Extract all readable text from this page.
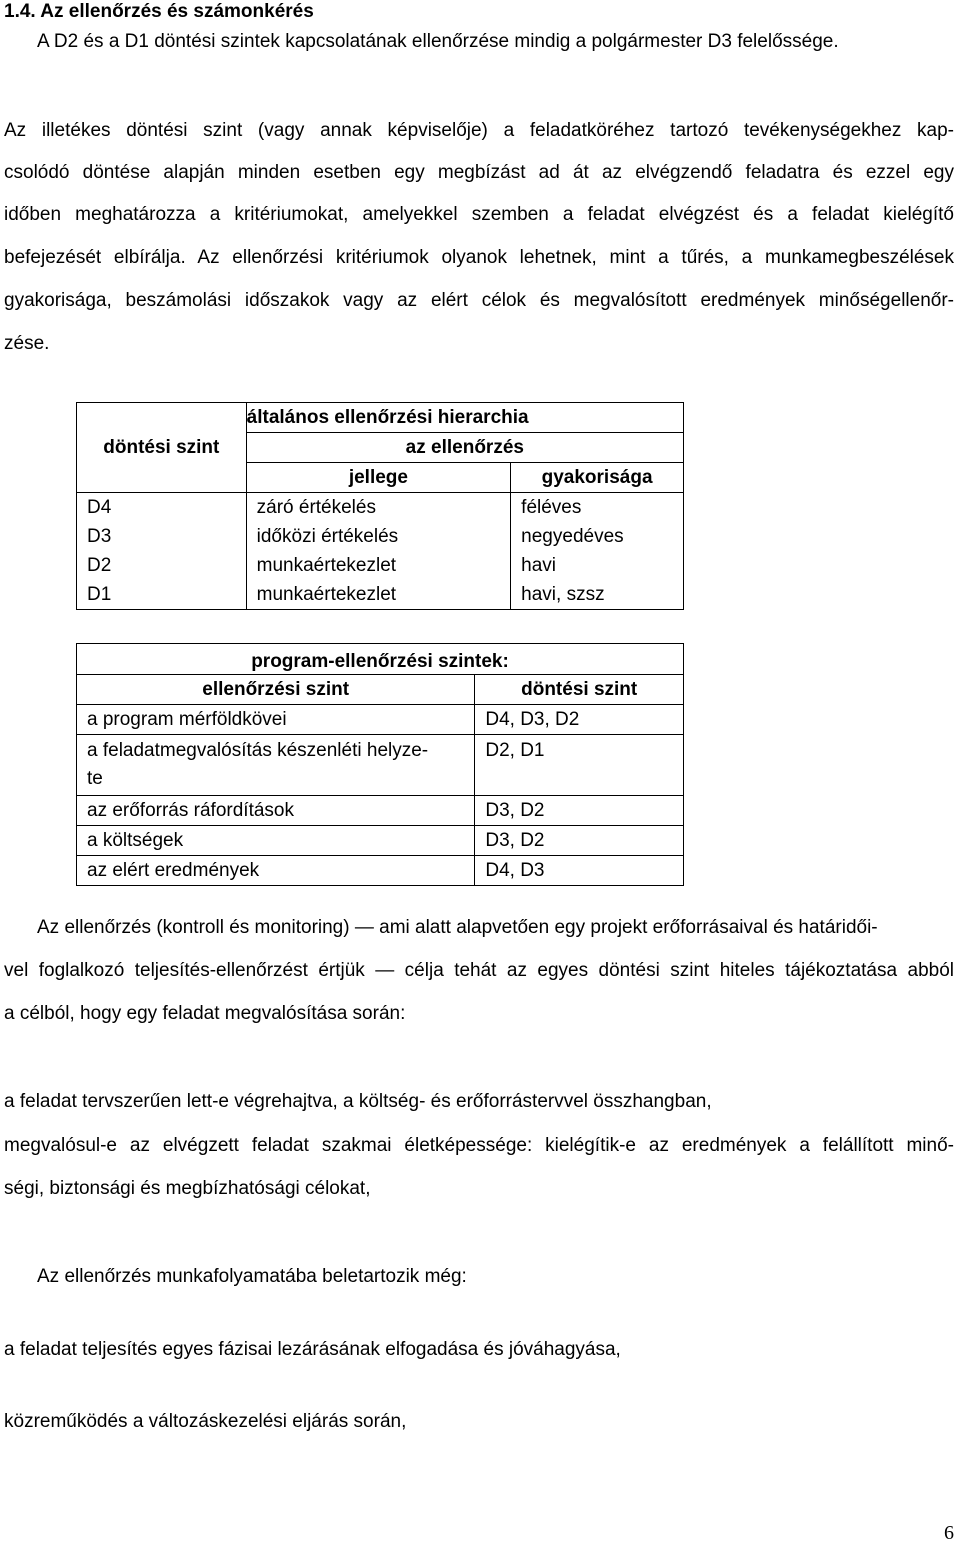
1.4. Az ellenőrzés és számonkérés
A D2 és a D1 döntési szintek kapcsolatának ellenőrzése mindig a polgármester D3 felelőssége.
Az illetékes döntési szint (vagy annak képviselője) a feladatköréhez tartozó tevékenységekhez kap-
csolódó döntése alapján minden esetben egy megbízást ad át az elvégzendő feladatra és ezzel egy
időben meghatározza a kritériumokat, amelyekkel szemben a feladat elvégzést és a feladat kielégítő
befejezését elbírálja. Az ellenőrzési kritériumok olyanok lehetnek, mint a tűrés, a munkamegbeszélések
gyakorisága, beszámolási időszakok vagy az elért célok és megvalósított eredmények minőségellenőr-
zése.
	általános ellenőrzési hierarchia	
döntési szint	az ellenőrzés	
	jellege	gyakorisága
D4	záró értékelés	féléves
D3	időközi értékelés	negyedéves
D2	munkaértekezlet	havi
D1	munkaértekezlet	havi, szsz
program-ellenőrzési szintek:	
ellenőrzési szint	döntési szint
a program mérföldkövei	D4, D3, D2

a feladatmegvalósítás készenléti helyze-
te	D2, D1
az erőforrás ráfordítások	D3, D2
a költségek	D3, D2
az elért eredmények	D4, D3
Az ellenőrzés (kontroll és monitoring) — ami alatt alapvetően egy projekt erőforrásaival és határidői-
vel foglalkozó teljesítés-ellenőrzést értjük — célja tehát az egyes döntési szint hiteles tájékoztatása abból
a célból, hogy egy feladat megvalósítása során:
a feladat tervszerűen lett-e végrehajtva, a költség- és erőforrástervvel összhangban,
megvalósul-e az elvégzett feladat szakmai életképessége: kielégítik-e az eredmények a felállított minő-
ségi, biztonsági és megbízhatósági célokat,
Az ellenőrzés munkafolyamatába beletartozik még:
a feladat teljesítés egyes fázisai lezárásának elfogadása és jóváhagyása,
közreműködés a változáskezelési eljárás során,
6
